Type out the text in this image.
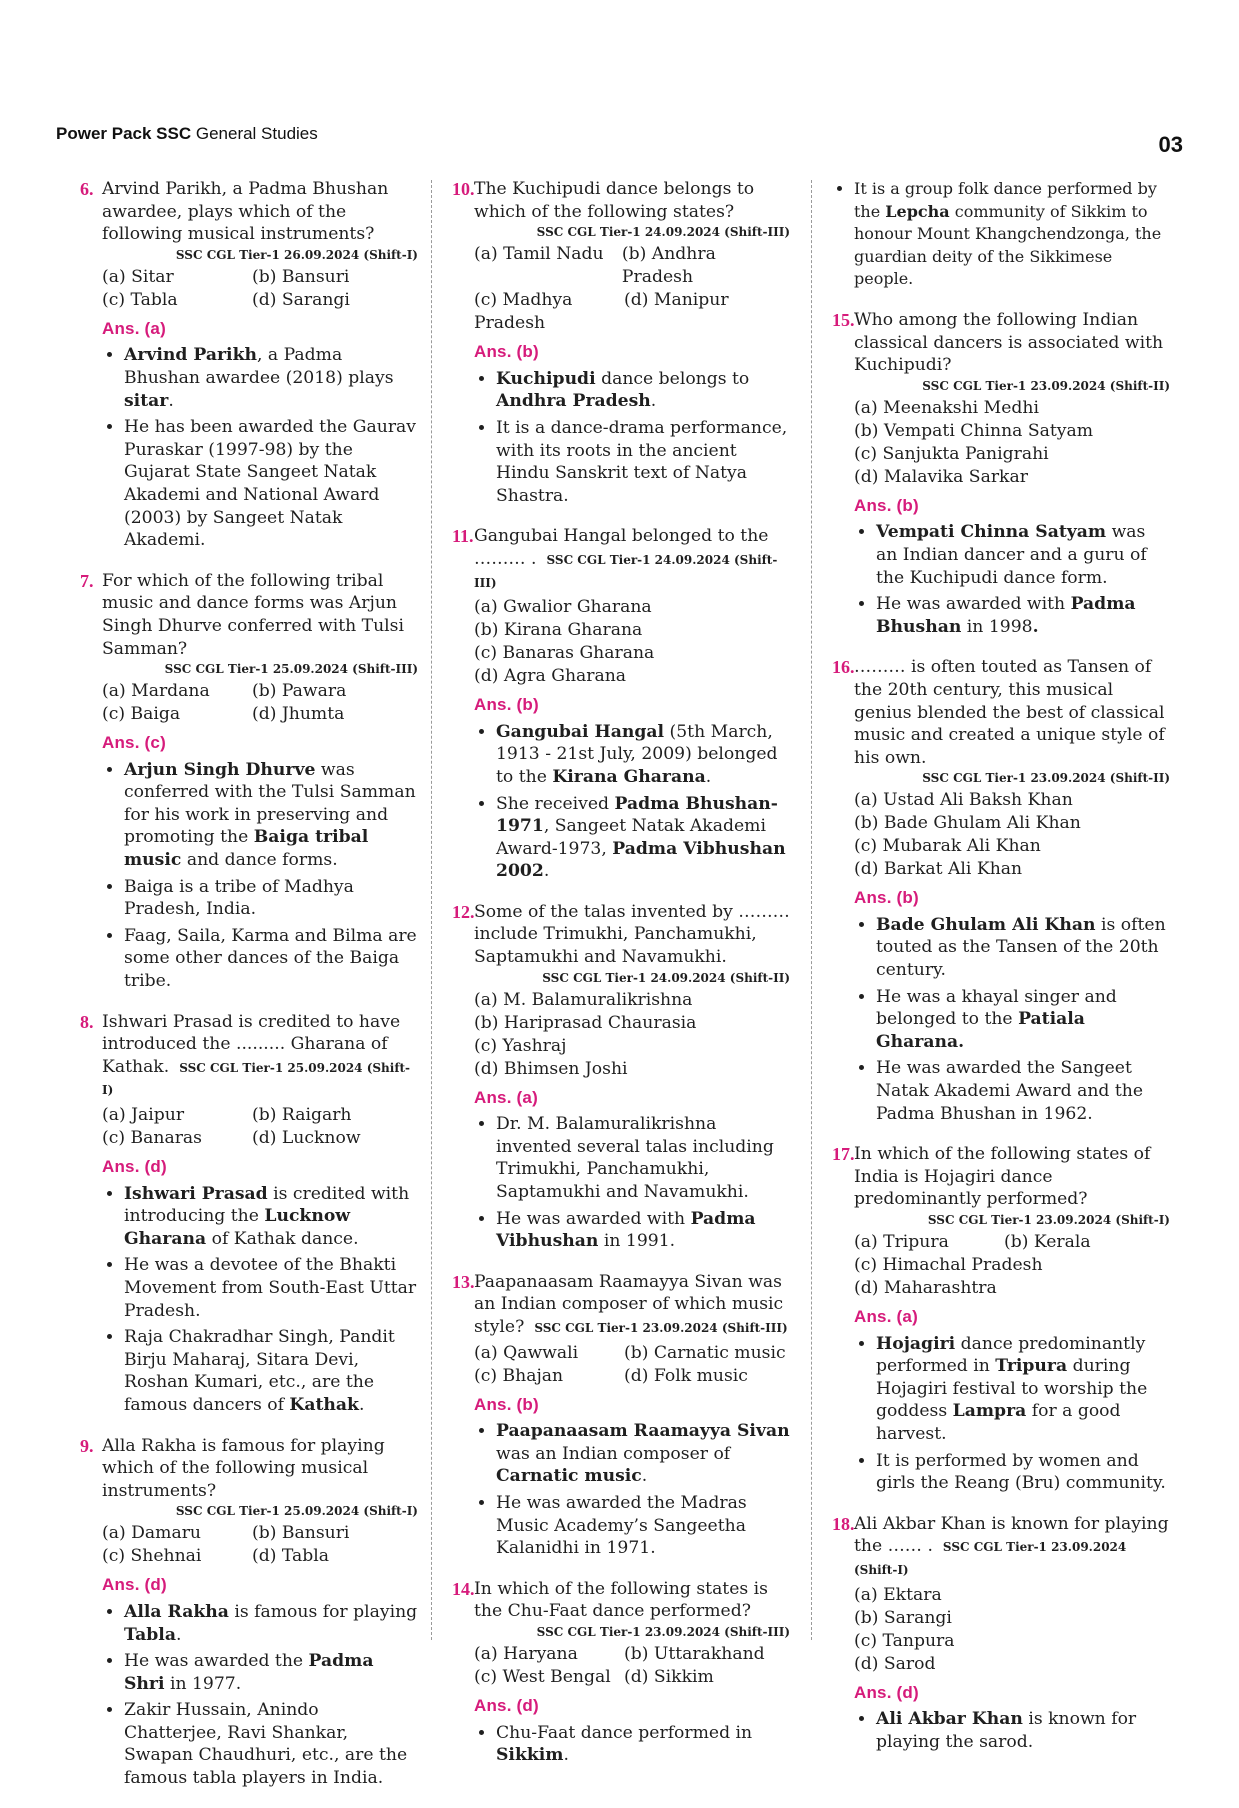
Power Pack SSC General Studies	03
6. Arvind Parikh, a Padma Bhushan awardee, plays which of the following musical instruments?
SSC CGL Tier-1 26.09.2024 (Shift-I)

(a) Sitar	(b) Bansuri
(c) Tabla	(d) Sarangi
Ans. (a)
• Arvind Parikh, a Padma Bhushan awardee (2018) plays sitar.
• He has been awarded the Gaurav Puraskar (1997-98) by the Gujarat State Sangeet Natak Akademi and National Award (2003) by Sangeet Natak Akademi.
7. For which of the following tribal music and dance forms was Arjun Singh Dhurve conferred with Tulsi Samman?
SSC CGL Tier-1 25.09.2024 (Shift-III)

(a) Mardana	(b) Pawara
(c) Baiga	(d) Jhumta
Ans. (c)
• Arjun Singh Dhurve was conferred with the Tulsi Samman for his work in preserving and promoting the Baiga tribal music and dance forms.
• Baiga is a tribe of Madhya Pradesh, India.
• Faag, Saila, Karma and Bilma are some other dances of the Baiga tribe.
8. Ishwari Prasad is credited to have introduced the ......... Gharana of Kathak. SSC CGL Tier-1 25.09.2024 (Shift-I)

(a) Jaipur	(b) Raigarh
(c) Banaras	(d) Lucknow
Ans. (d)
• Ishwari Prasad is credited with introducing the Lucknow Gharana of Kathak dance.
• He was a devotee of the Bhakti Movement from South-East Uttar Pradesh.
• Raja Chakradhar Singh, Pandit Birju Maharaj, Sitara Devi, Roshan Kumari, etc., are the famous dancers of Kathak.
9. Alla Rakha is famous for playing which of the following musical instruments?
SSC CGL Tier-1 25.09.2024 (Shift-I)

(a) Damaru	(b) Bansuri
(c) Shehnai	(d) Tabla
Ans. (d)
• Alla Rakha is famous for playing Tabla.
• He was awarded the Padma Shri in 1977.
• Zakir Hussain, Anindo Chatterjee, Ravi Shankar, Swapan Chaudhuri, etc., are the famous tabla players in India.
10. The Kuchipudi dance belongs to which of the following states?
SSC CGL Tier-1 24.09.2024 (Shift-III)

(a) Tamil Nadu	(b) Andhra Pradesh
(c) Madhya Pradesh
(d) Manipur
Ans. (b)
• Kuchipudi dance belongs to Andhra Pradesh.
• It is a dance-drama performance, with its roots in the ancient Hindu Sanskrit text of Natya Shastra.
11. Gangubai Hangal belonged to the ……… . SSC CGL Tier-1 24.09.2024 (Shift-III)

(a) Gwalior Gharana
(b) Kirana Gharana
(c) Banaras Gharana
(d) Agra Gharana
Ans. (b)
• Gangubai Hangal (5th March, 1913 - 21st July, 2009) belonged to the Kirana Gharana.
• She received Padma Bhushan-1971, Sangeet Natak Akademi Award-1973, Padma Vibhushan 2002.
12. Some of the talas invented by ……… include Trimukhi, Panchamukhi, Saptamukhi and Navamukhi.
SSC CGL Tier-1 24.09.2024 (Shift-II)

(a) M. Balamuralikrishna
(b) Hariprasad Chaurasia
(c) Yashraj
(d) Bhimsen Joshi
Ans. (a)
• Dr. M. Balamuralikrishna invented several talas including Trimukhi, Panchamukhi, Saptamukhi and Navamukhi.
• He was awarded with Padma Vibhushan in 1991.
13. Paapanaasam Raamayya Sivan was an Indian composer of which music style? SSC CGL Tier-1 23.09.2024 (Shift-III)

(a) Qawwali	(b) Carnatic music
(c) Bhajan	(d) Folk music
Ans. (b)
• Paapanaasam Raamayya Sivan was an Indian composer of Carnatic music.
• He was awarded the Madras Music Academy’s Sangeetha Kalanidhi in 1971.
14. In which of the following states is the Chu-Faat dance performed?
SSC CGL Tier-1 23.09.2024 (Shift-III)

(a) Haryana	(b) Uttarakhand
(c) West Bengal (d) Sikkim
Ans. (d)
• Chu-Faat dance performed in Sikkim.
• It is a group folk dance performed by the Lepcha community of Sikkim to honour Mount Khangchendzonga, the guardian deity of the Sikkimese people.
15. Who among the following Indian classical dancers is associated with Kuchipudi?
SSC CGL Tier-1 23.09.2024 (Shift-II)

(a) Meenakshi Medhi
(b) Vempati Chinna Satyam
(c) Sanjukta Panigrahi
(d) Malavika Sarkar
Ans. (b)
• Vempati Chinna Satyam was an Indian dancer and a guru of the Kuchipudi dance form.
• He was awarded with Padma Bhushan in 1998.
16. ……… is often touted as Tansen of the 20th century, this musical genius blended the best of classical music and created a unique style of his own.
SSC CGL Tier-1 23.09.2024 (Shift-II)

(a) Ustad Ali Baksh Khan
(b) Bade Ghulam Ali Khan
(c) Mubarak Ali Khan
(d) Barkat Ali Khan
Ans. (b)
• Bade Ghulam Ali Khan is often touted as the Tansen of the 20th century.
• He was a khayal singer and belonged to the Patiala Gharana.
• He was awarded the Sangeet Natak Akademi Award and the Padma Bhushan in 1962.
17. In which of the following states of India is Hojagiri dance predominantly performed?
SSC CGL Tier-1 23.09.2024 (Shift-I)

(a) Tripura	(b) Kerala
(c) Himachal Pradesh
(d) Maharashtra
Ans. (a)
• Hojagiri dance predominantly performed in Tripura during Hojagiri festival to worship the goddess Lampra for a good harvest.
• It is performed by women and girls the Reang (Bru) community.
18. Ali Akbar Khan is known for playing the …… . SSC CGL Tier-1 23.09.2024 (Shift-I)

(a) Ektara
(b) Sarangi
(c) Tanpura
(d) Sarod
Ans. (d)
• Ali Akbar Khan is known for playing the sarod.
